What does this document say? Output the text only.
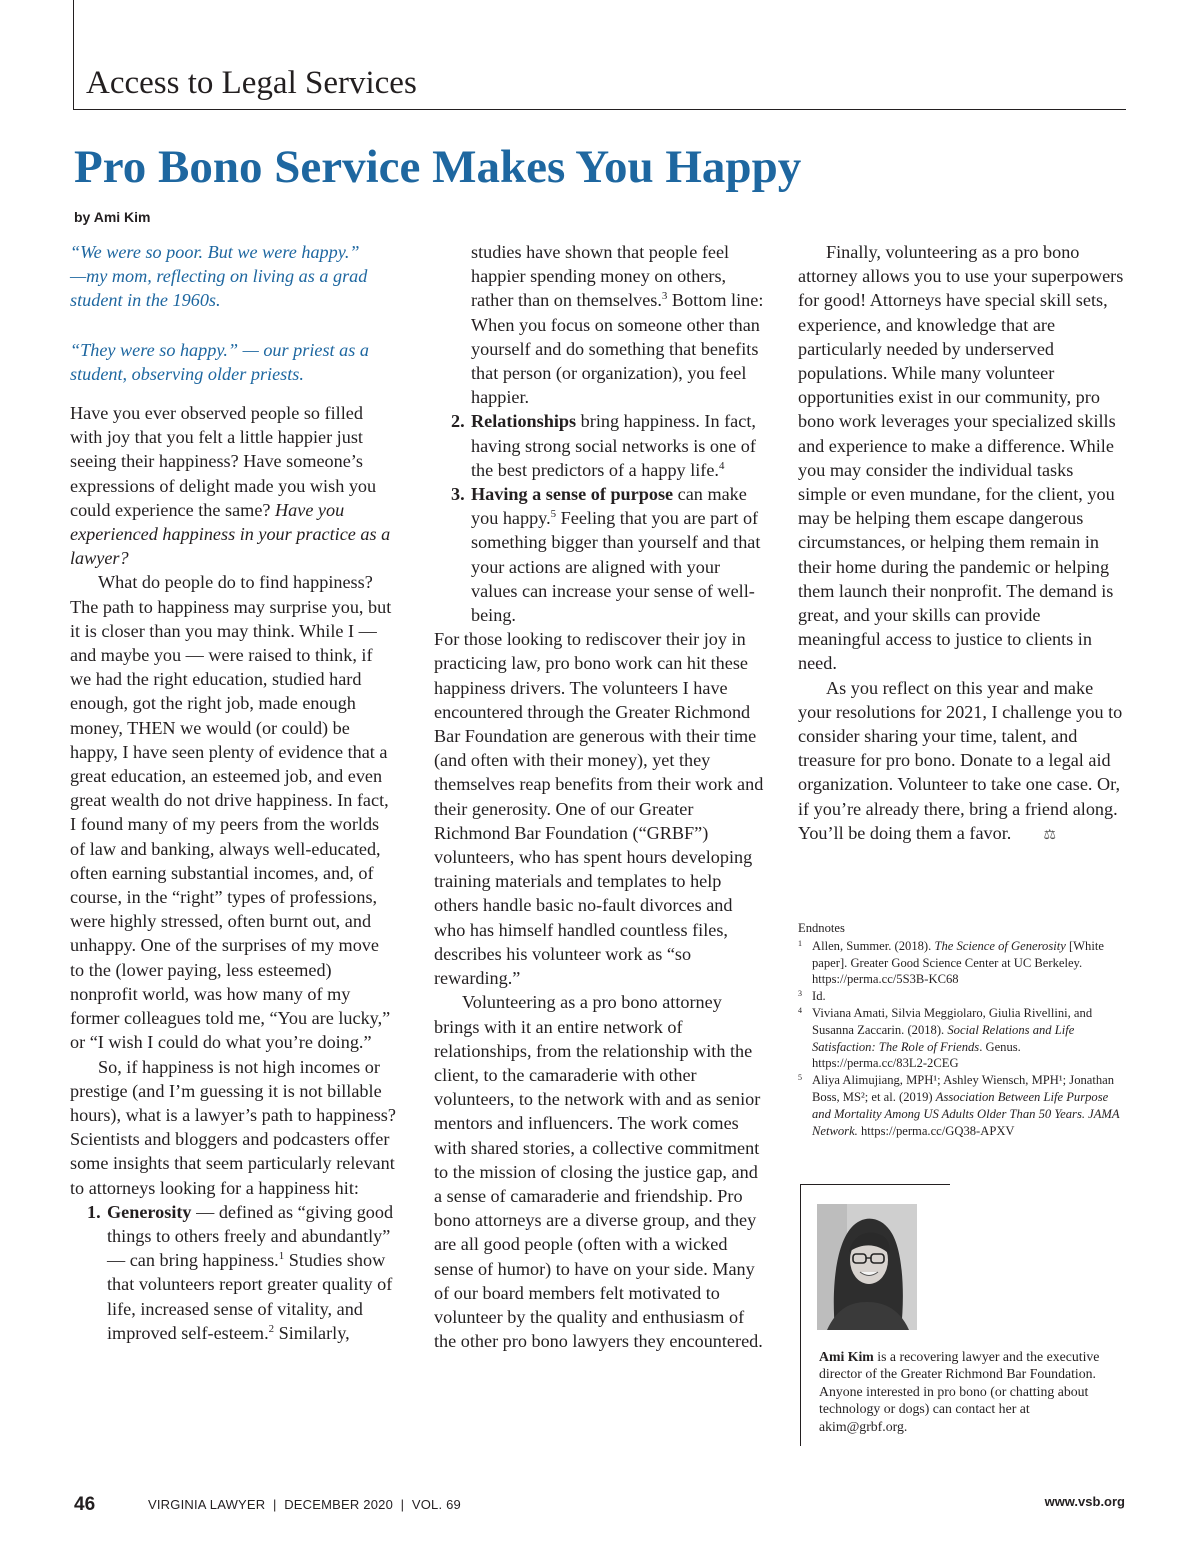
Access to Legal Services
Pro Bono Service Makes You Happy

by Ami Kim

“We were so poor. But we were happy.”
—my mom, reflecting on living as a grad student in the 1960s.

“They were so happy.” — our priest as a student, observing older priests.

Have you ever observed people so filled with joy that you felt a little happier just seeing their happiness? Have someone’s expressions of delight made you wish you could experience the same? Have you experienced happiness in your practice as a lawyer?

What do people do to find happiness? The path to happiness may surprise you, but it is closer than you may think. While I — and maybe you — were raised to think, if we had the right education, studied hard enough, got the right job, made enough money, THEN we would (or could) be happy, I have seen plenty of evidence that a great education, an esteemed job, and even great wealth do not drive happiness. In fact, I found many of my peers from the worlds of law and banking, always well-educated, often earning substantial incomes, and, of course, in the “right” types of professions, were highly stressed, often burnt out, and unhappy. One of the surprises of my move to the (lower paying, less esteemed) nonprofit world, was how many of my former colleagues told me, “You are lucky,” or “I wish I could do what you’re doing.”

So, if happiness is not high incomes or prestige (and I’m guessing it is not billable hours), what is a lawyer’s path to happiness? Scientists and bloggers and podcasters offer some insights that seem particularly relevant to attorneys looking for a happiness hit:

1. Generosity — defined as “giving good things to others freely and abundantly” — can bring happiness.$^1$ Studies show that volunteers report greater quality of life, increased sense of vitality, and improved self-esteem.$^2$ Similarly,

studies have shown that people feel happier spending money on others, rather than on themselves.$^3$ Bottom line: When you focus on someone other than yourself and do something that benefits that person (or organization), you feel happier.

2. Relationships bring happiness. In fact, having strong social networks is one of the best predictors of a happy life.$^4$
3. Having a sense of purpose can make you happy.$^5$ Feeling that you are part of something bigger than yourself and that your actions are aligned with your values can increase your sense of well-being.

For those looking to rediscover their joy in practicing law, pro bono work can hit these happiness drivers. The volunteers I have encountered through the Greater Richmond Bar Foundation are generous with their time (and often with their money), yet they themselves reap benefits from their work and their generosity. One of our Greater Richmond Bar Foundation (“GRBF”) volunteers, who has spent hours developing training materials and templates to help others handle basic no-fault divorces and who has himself handled countless files, describes his volunteer work as “so rewarding.”

Volunteering as a pro bono attorney brings with it an entire network of relationships, from the relationship with the client, to the camaraderie with other volunteers, to the network with and as senior mentors and influencers. The work comes with shared stories, a collective commitment to the mission of closing the justice gap, and a sense of camaraderie and friendship. Pro bono attorneys are a diverse group, and they are all good people (often with a wicked sense of humor) to have on your side. Many of our board members felt motivated to volunteer by the quality and enthusiasm of the other pro bono lawyers they encountered.

Finally, volunteering as a pro bono attorney allows you to use your superpowers for good! Attorneys have special skill sets, experience, and knowledge that are particularly needed by underserved populations. While many volunteer opportunities exist in our community, pro bono work leverages your specialized skills and experience to make a difference. While you may consider the individual tasks simple or even mundane, for the client, you may be helping them escape dangerous circumstances, or helping them remain in their home during the pandemic or helping them launch their nonprofit. The demand is great, and your skills can provide meaningful access to justice to clients in need.

As you reflect on this year and make your resolutions for 2021, I challenge you to consider sharing your time, talent, and treasure for pro bono. Donate to a legal aid organization. Volunteer to take one case. Or, if you’re already there, bring a friend along. You’ll be doing them a favor. ⚖

Endnotes

1 Allen, Summer. (2018). The Science of Generosity [White paper]. Greater Good Science Center at UC Berkeley. https://perma.cc/5S3B-KC68

3 Id.

4 Viviana Amati, Silvia Meggiolaro, Giulia Rivellini, and Susanna Zaccarin. (2018). Social Relations and Life Satisfaction: The Role of Friends. Genus. https://perma.cc/83L2-2CEG

5 Aliya Alimujiang, MPH¹; Ashley Wiensch, MPH¹; Jonathan Boss, MS²; et al. (2019) Association Between Life Purpose and Mortality Among US Adults Older Than 50 Years. JAMA Network. https://perma.cc/GQ38-APXV

Ami Kim is a recovering lawyer and the executive director of the Greater Richmond Bar Foundation. Anyone interested in pro bono (or chatting about technology or dogs) can contact her at akim@grbf.org.

46	VIRGINIA LAWYER  |  DECEMBER 2020  |  VOL. 69	www.vsb.org
